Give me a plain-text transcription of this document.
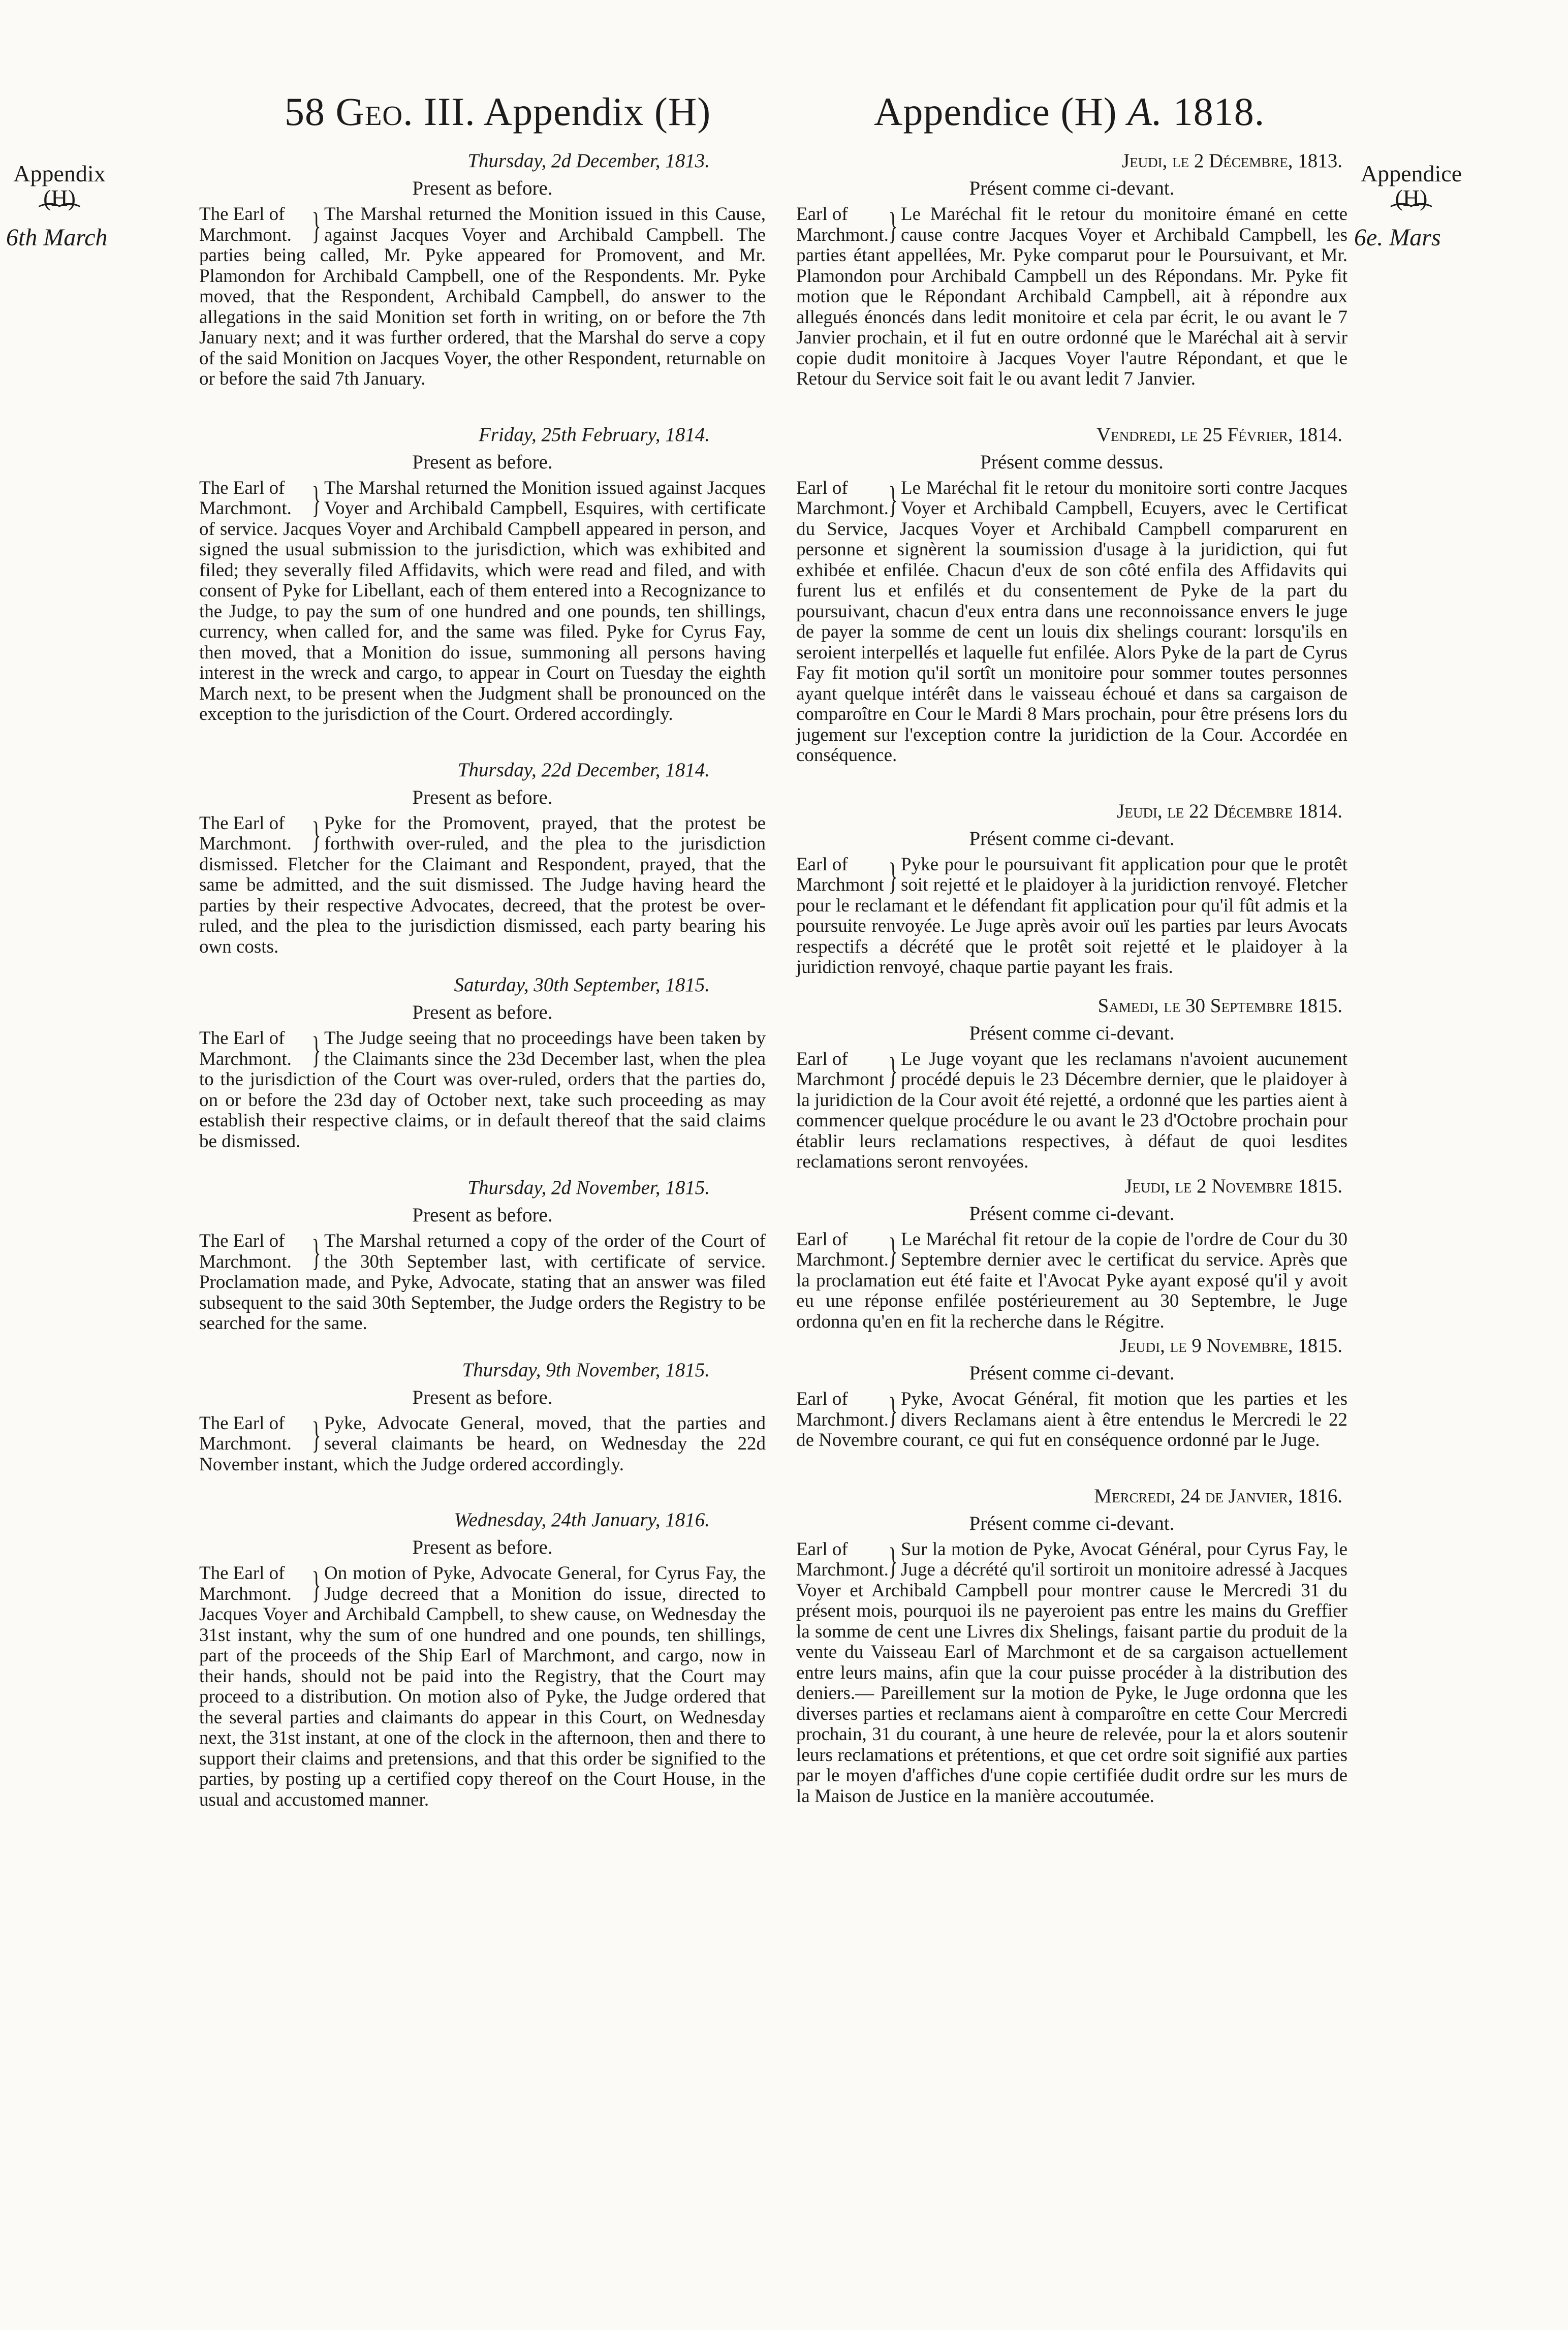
58 Geo. III. Appendix (H)	Appendice (H) A. 1818.
Appendix
(H)
⁀⁀
6th March
Appendice
(H)
⁀⁀
6e. Mars
Thursday, 2d December, 1813.
Present as before.
The Earl of
Marchmont. } The Marshal returned the Monition issued in this Cause, against Jacques Voyer and Archibald Campbell. The parties being called, Mr. Pyke appeared for Promovent, and Mr. Plamondon for Archibald Campbell, one of the Respondents. Mr. Pyke moved, that the Respondent, Archibald Campbell, do answer to the allegations in the said Monition set forth in writing, on or before the 7th January next; and it was further ordered, that the Marshal do serve a copy of the said Monition on Jacques Voyer, the other Respondent, returnable on or before the said 7th January.
Friday, 25th February, 1814.
Present as before.
The Earl of
Marchmont. } The Marshal returned the Monition issued against Jacques Voyer and Archibald Campbell, Esquires, with certificate of service. Jacques Voyer and Archibald Campbell appeared in person, and signed the usual submission to the jurisdiction, which was exhibited and filed; they severally filed Affidavits, which were read and filed, and with consent of Pyke for Libellant, each of them entered into a Recognizance to the Judge, to pay the sum of one hundred and one pounds, ten shillings, currency, when called for, and the same was filed. Pyke for Cyrus Fay, then moved, that a Monition do issue, summoning all persons having interest in the wreck and cargo, to appear in Court on Tuesday the eighth March next, to be present when the Judgment shall be pronounced on the exception to the jurisdiction of the Court. Ordered accordingly.
Thursday, 22d December, 1814.
Present as before.
The Earl of
Marchmont. } Pyke for the Promovent, prayed, that the protest be forthwith over-ruled, and the plea to the jurisdiction dismissed. Fletcher for the Claimant and Respondent, prayed, that the same be admitted, and the suit dismissed. The Judge having heard the parties by their respective Advocates, decreed, that the protest be over-ruled, and the plea to the jurisdiction dismissed, each party bearing his own costs.
Saturday, 30th September, 1815.
Present as before.
The Earl of
Marchmont. } The Judge seeing that no proceedings have been taken by the Claimants since the 23d December last, when the plea to the jurisdiction of the Court was over-ruled, orders that the parties do, on or before the 23d day of October next, take such proceeding as may establish their respective claims, or in default thereof that the said claims be dismissed.
Thursday, 2d November, 1815.
Present as before.
The Earl of
Marchmont. } The Marshal returned a copy of the order of the Court of the 30th September last, with certificate of service. Proclamation made, and Pyke, Advocate, stating that an answer was filed subsequent to the said 30th September, the Judge orders the Registry to be searched for the same.
Thursday, 9th November, 1815.
Present as before.
The Earl of
Marchmont. } Pyke, Advocate General, moved, that the parties and several claimants be heard, on Wednesday the 22d November instant, which the Judge ordered accordingly.
Wednesday, 24th January, 1816.
Present as before.
The Earl of
Marchmont. } On motion of Pyke, Advocate General, for Cyrus Fay, the Judge decreed that a Monition do issue, directed to Jacques Voyer and Archibald Campbell, to shew cause, on Wednesday the 31st instant, why the sum of one hundred and one pounds, ten shillings, part of the proceeds of the Ship Earl of Marchmont, and cargo, now in their hands, should not be paid into the Registry, that the Court may proceed to a distribution. On motion also of Pyke, the Judge ordered that the several parties and claimants do appear in this Court, on Wednesday next, the 31st instant, at one of the clock in the afternoon, then and there to support their claims and pretensions, and that this order be signified to the parties, by posting up a certified copy thereof on the Court House, in the usual and accustomed manner.
Jeudi, le 2 Décembre, 1813.
Présent comme ci-devant.
Earl of
Marchmont. } Le Maréchal fit le retour du monitoire émané en cette cause contre Jacques Voyer et Archibald Campbell, les parties étant appellées, Mr. Pyke comparut pour le Poursuivant, et Mr. Plamondon pour Archibald Campbell un des Répondans. Mr. Pyke fit motion que le Répondant Archibald Campbell, ait à répondre aux allegués énoncés dans ledit monitoire et cela par écrit, le ou avant le 7 Janvier prochain, et il fut en outre ordonné que le Maréchal ait à servir copie dudit monitoire à Jacques Voyer l'autre Répondant, et que le Retour du Service soit fait le ou avant ledit 7 Janvier.
Vendredi, le 25 Février, 1814.
Présent comme dessus.
Earl of
Marchmont. } Le Maréchal fit le retour du monitoire sorti contre Jacques Voyer et Archibald Campbell, Ecuyers, avec le Certificat du Service, Jacques Voyer et Archibald Campbell comparurent en personne et signèrent la soumission d'usage à la juridiction, qui fut exhibée et enfilée. Chacun d'eux de son côté enfila des Affidavits qui furent lus et enfilés et du consentement de Pyke de la part du poursuivant, chacun d'eux entra dans une reconnoissance envers le juge de payer la somme de cent un louis dix shelings courant: lorsqu'ils en seroient interpellés et laquelle fut enfilée. Alors Pyke de la part de Cyrus Fay fit motion qu'il sortît un monitoire pour sommer toutes personnes ayant quelque intérêt dans le vaisseau échoué et dans sa cargaison de comparoître en Cour le Mardi 8 Mars prochain, pour être présens lors du jugement sur l'exception contre la juridiction de la Cour. Accordée en conséquence.
Jeudi, le 22 Décembre 1814.
Présent comme ci-devant.
Earl of
Marchmont } Pyke pour le poursuivant fit application pour que le protêt soit rejetté et le plaidoyer à la juridiction renvoyé. Fletcher pour le reclamant et le défendant fit application pour qu'il fût admis et la poursuite renvoyée. Le Juge après avoir ouï les parties par leurs Avocats respectifs a décrété que le protêt soit rejetté et le plaidoyer à la juridiction renvoyé, chaque partie payant les frais.
Samedi, le 30 Septembre 1815.
Présent comme ci-devant.
Earl of
Marchmont } Le Juge voyant que les reclamans n'avoient aucunement procédé depuis le 23 Décembre dernier, que le plaidoyer à la juridiction de la Cour avoit été rejetté, a ordonné que les parties aient à commencer quelque procédure le ou avant le 23 d'Octobre prochain pour établir leurs reclamations respectives, à défaut de quoi lesdites reclamations seront renvoyées.
Jeudi, le 2 Novembre 1815.
Présent comme ci-devant.
Earl of
Marchmont. } Le Maréchal fit retour de la copie de l'ordre de Cour du 30 Septembre dernier avec le certificat du service. Après que la proclamation eut été faite et l'Avocat Pyke ayant exposé qu'il y avoit eu une réponse enfilée postérieurement au 30 Septembre, le Juge ordonna qu'en en fit la recherche dans le Régitre.
Jeudi, le 9 Novembre, 1815.
Présent comme ci-devant.
Earl of
Marchmont. } Pyke, Avocat Général, fit motion que les parties et les divers Reclamans aient à être entendus le Mercredi le 22 de Novembre courant, ce qui fut en conséquence ordonné par le Juge.
Mercredi, 24 de Janvier, 1816.
Présent comme ci-devant.
Earl of
Marchmont. } Sur la motion de Pyke, Avocat Général, pour Cyrus Fay, le Juge a décrété qu'il sortiroit un monitoire adressé à Jacques Voyer et Archibald Campbell pour montrer cause le Mercredi 31 du présent mois, pourquoi ils ne payeroient pas entre les mains du Greffier la somme de cent une Livres dix Shelings, faisant partie du produit de la vente du Vaisseau Earl of Marchmont et de sa cargaison actuellement entre leurs mains, afin que la cour puisse procéder à la distribution des deniers.— Pareillement sur la motion de Pyke, le Juge ordonna que les diverses parties et reclamans aient à comparoître en cette Cour Mercredi prochain, 31 du courant, à une heure de relevée, pour la et alors soutenir leurs reclamations et prétentions, et que cet ordre soit signifié aux parties par le moyen d'affiches d'une copie certifiée dudit ordre sur les murs de la Maison de Justice en la manière accoutumée.
